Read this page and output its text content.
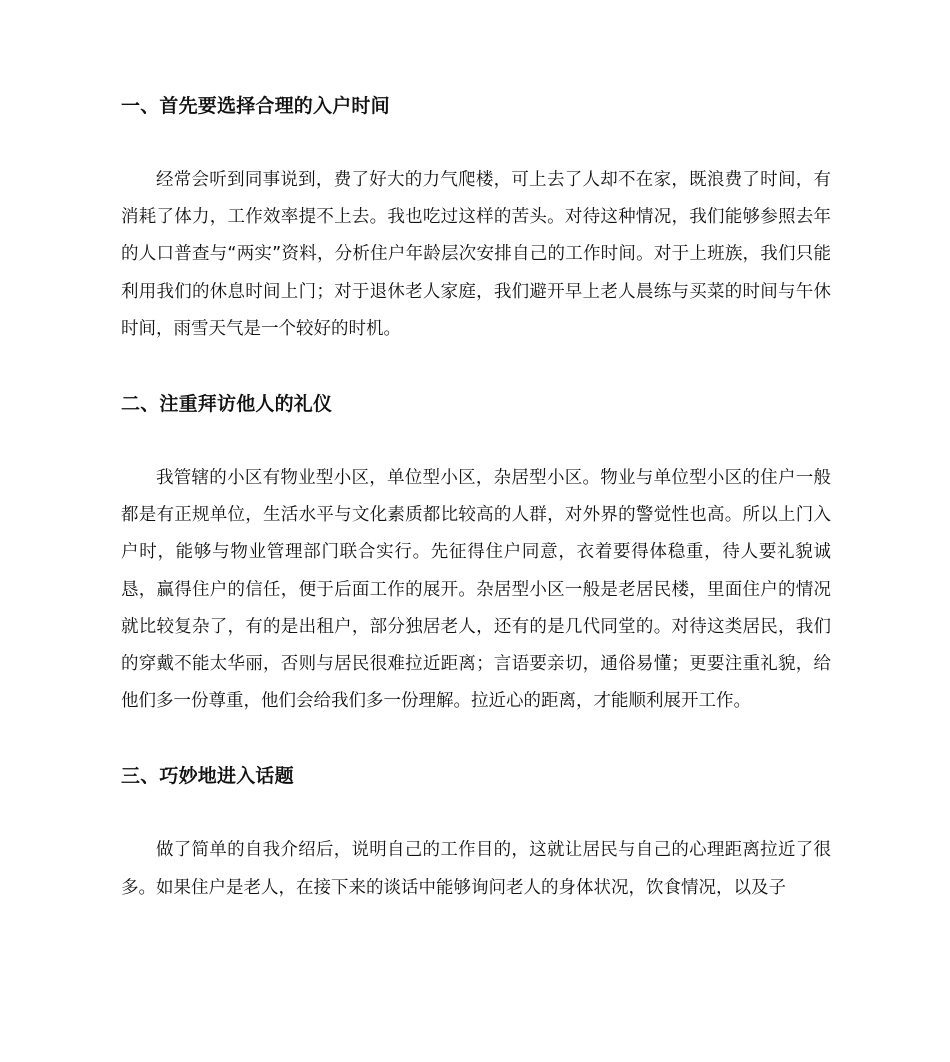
一、首先要选择合理的入户时间

经常会听到同事说到，费了好大的力气爬楼，可上去了人却不在家，既浪费了时间，有消耗了体力，工作效率提不上去。我也吃过这样的苦头。对待这种情况，我们能够参照去年的人口普查与“两实”资料，分析住户年龄层次安排自己的工作时间。对于上班族，我们只能利用我们的休息时间上门；对于退休老人家庭，我们避开早上老人晨练与买菜的时间与午休时间，雨雪天气是一个较好的时机。

二、注重拜访他人的礼仪

我管辖的小区有物业型小区，单位型小区，杂居型小区。物业与单位型小区的住户一般都是有正规单位，生活水平与文化素质都比较高的人群，对外界的警觉性也高。所以上门入户时，能够与物业管理部门联合实行。先征得住户同意，衣着要得体稳重，待人要礼貌诚恳，赢得住户的信任，便于后面工作的展开。杂居型小区一般是老居民楼，里面住户的情况就比较复杂了，有的是出租户，部分独居老人，还有的是几代同堂的。对待这类居民，我们的穿戴不能太华丽，否则与居民很难拉近距离；言语要亲切，通俗易懂；更要注重礼貌，给他们多一份尊重，他们会给我们多一份理解。拉近心的距离，才能顺利展开工作。

三、巧妙地进入话题

做了简单的自我介绍后，说明自己的工作目的，这就让居民与自己的心理距离拉近了很多。如果住户是老人，在接下来的谈话中能够询问老人的身体状况，饮食情况，以及子
